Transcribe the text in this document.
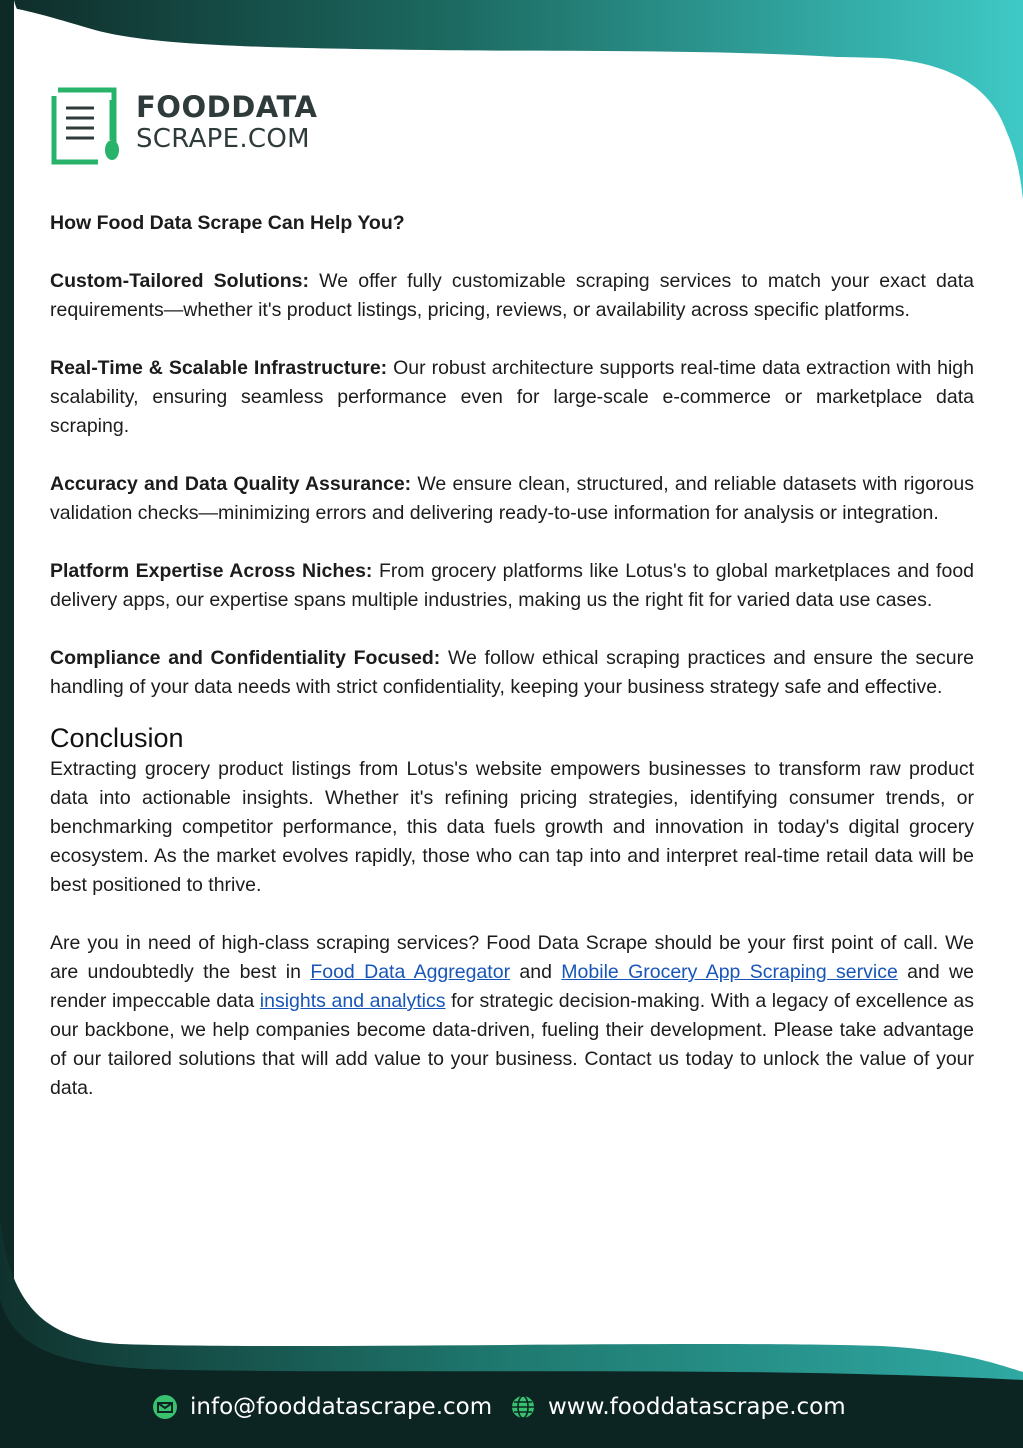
FOODDATA
SCRAPE.COM

How Food Data Scrape Can Help You?

Custom-Tailored Solutions: We offer fully customizable scraping services to match your exact data requirements—whether it's product listings, pricing, reviews, or availability across specific platforms.

Real-Time & Scalable Infrastructure: Our robust architecture supports real-time data extraction with high scalability, ensuring seamless performance even for large-scale e-commerce or marketplace data scraping.

Accuracy and Data Quality Assurance: We ensure clean, structured, and reliable datasets with rigorous validation checks—minimizing errors and delivering ready-to-use information for analysis or integration.

Platform Expertise Across Niches: From grocery platforms like Lotus's to global marketplaces and food delivery apps, our expertise spans multiple industries, making us the right fit for varied data use cases.

Compliance and Confidentiality Focused: We follow ethical scraping practices and ensure the secure handling of your data needs with strict confidentiality, keeping your business strategy safe and effective.

Conclusion

Extracting grocery product listings from Lotus's website empowers businesses to transform raw product data into actionable insights. Whether it's refining pricing strategies, identifying consumer trends, or benchmarking competitor performance, this data fuels growth and innovation in today's digital grocery ecosystem. As the market evolves rapidly, those who can tap into and interpret real-time retail data will be best positioned to thrive.

Are you in need of high-class scraping services? Food Data Scrape should be your first point of call. We are undoubtedly the best in Food Data Aggregator and Mobile Grocery App Scraping service and we render impeccable data insights and analytics for strategic decision-making. With a legacy of excellence as our backbone, we help companies become data-driven, fueling their development. Please take advantage of our tailored solutions that will add value to your business. Contact us today to unlock the value of your data.

info@fooddatascrape.com www.fooddatascrape.com
